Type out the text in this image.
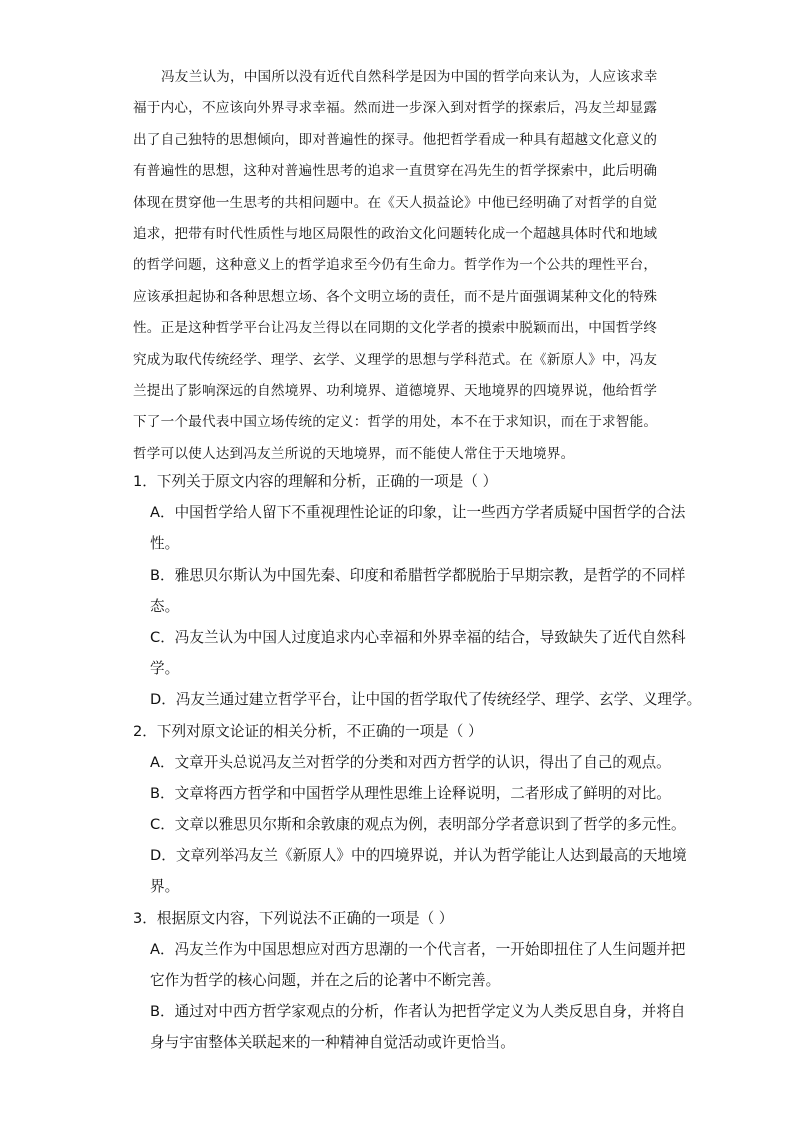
冯友兰认为，中国所以没有近代自然科学是因为中国的哲学向来认为，人应该求幸
福于内心，不应该向外界寻求幸福。然而进一步深入到对哲学的探索后，冯友兰却显露
出了自己独特的思想倾向，即对普遍性的探寻。他把哲学看成一种具有超越文化意义的
有普遍性的思想，这种对普遍性思考的追求一直贯穿在冯先生的哲学探索中，此后明确
体现在贯穿他一生思考的共相问题中。在《天人损益论》中他已经明确了对哲学的自觉
追求，把带有时代性质性与地区局限性的政治文化问题转化成一个超越具体时代和地域
的哲学问题，这种意义上的哲学追求至今仍有生命力。哲学作为一个公共的理性平台，
应该承担起协和各种思想立场、各个文明立场的责任，而不是片面强调某种文化的特殊
性。正是这种哲学平台让冯友兰得以在同期的文化学者的摸索中脱颖而出，中国哲学终
究成为取代传统经学、理学、玄学、义理学的思想与学科范式。在《新原人》中，冯友
兰提出了影响深远的自然境界、功利境界、道德境界、天地境界的四境界说，他给哲学
下了一个最代表中国立场传统的定义：哲学的用处，本不在于求知识，而在于求智能。
哲学可以使人达到冯友兰所说的天地境界，而不能使人常住于天地境界。
1．下列关于原文内容的理解和分析，正确的一项是（ ）
A．中国哲学给人留下不重视理性论证的印象，让一些西方学者质疑中国哲学的合法
性。
B．雅思贝尔斯认为中国先秦、印度和希腊哲学都脱胎于早期宗教，是哲学的不同样
态。
C．冯友兰认为中国人过度追求内心幸福和外界幸福的结合，导致缺失了近代自然科
学。
D．冯友兰通过建立哲学平台，让中国的哲学取代了传统经学、理学、玄学、义理学。
2．下列对原文论证的相关分析，不正确的一项是（ ）
A．文章开头总说冯友兰对哲学的分类和对西方哲学的认识，得出了自己的观点。
B．文章将西方哲学和中国哲学从理性思维上诠释说明，二者形成了鲜明的对比。
C．文章以雅思贝尔斯和余敦康的观点为例，表明部分学者意识到了哲学的多元性。
D．文章列举冯友兰《新原人》中的四境界说，并认为哲学能让人达到最高的天地境
界。
3．根据原文内容，下列说法不正确的一项是（ ）
A．冯友兰作为中国思想应对西方思潮的一个代言者，一开始即扭住了人生问题并把
它作为哲学的核心问题，并在之后的论著中不断完善。
B．通过对中西方哲学家观点的分析，作者认为把哲学定义为人类反思自身，并将自
身与宇宙整体关联起来的一种精神自觉活动或许更恰当。
